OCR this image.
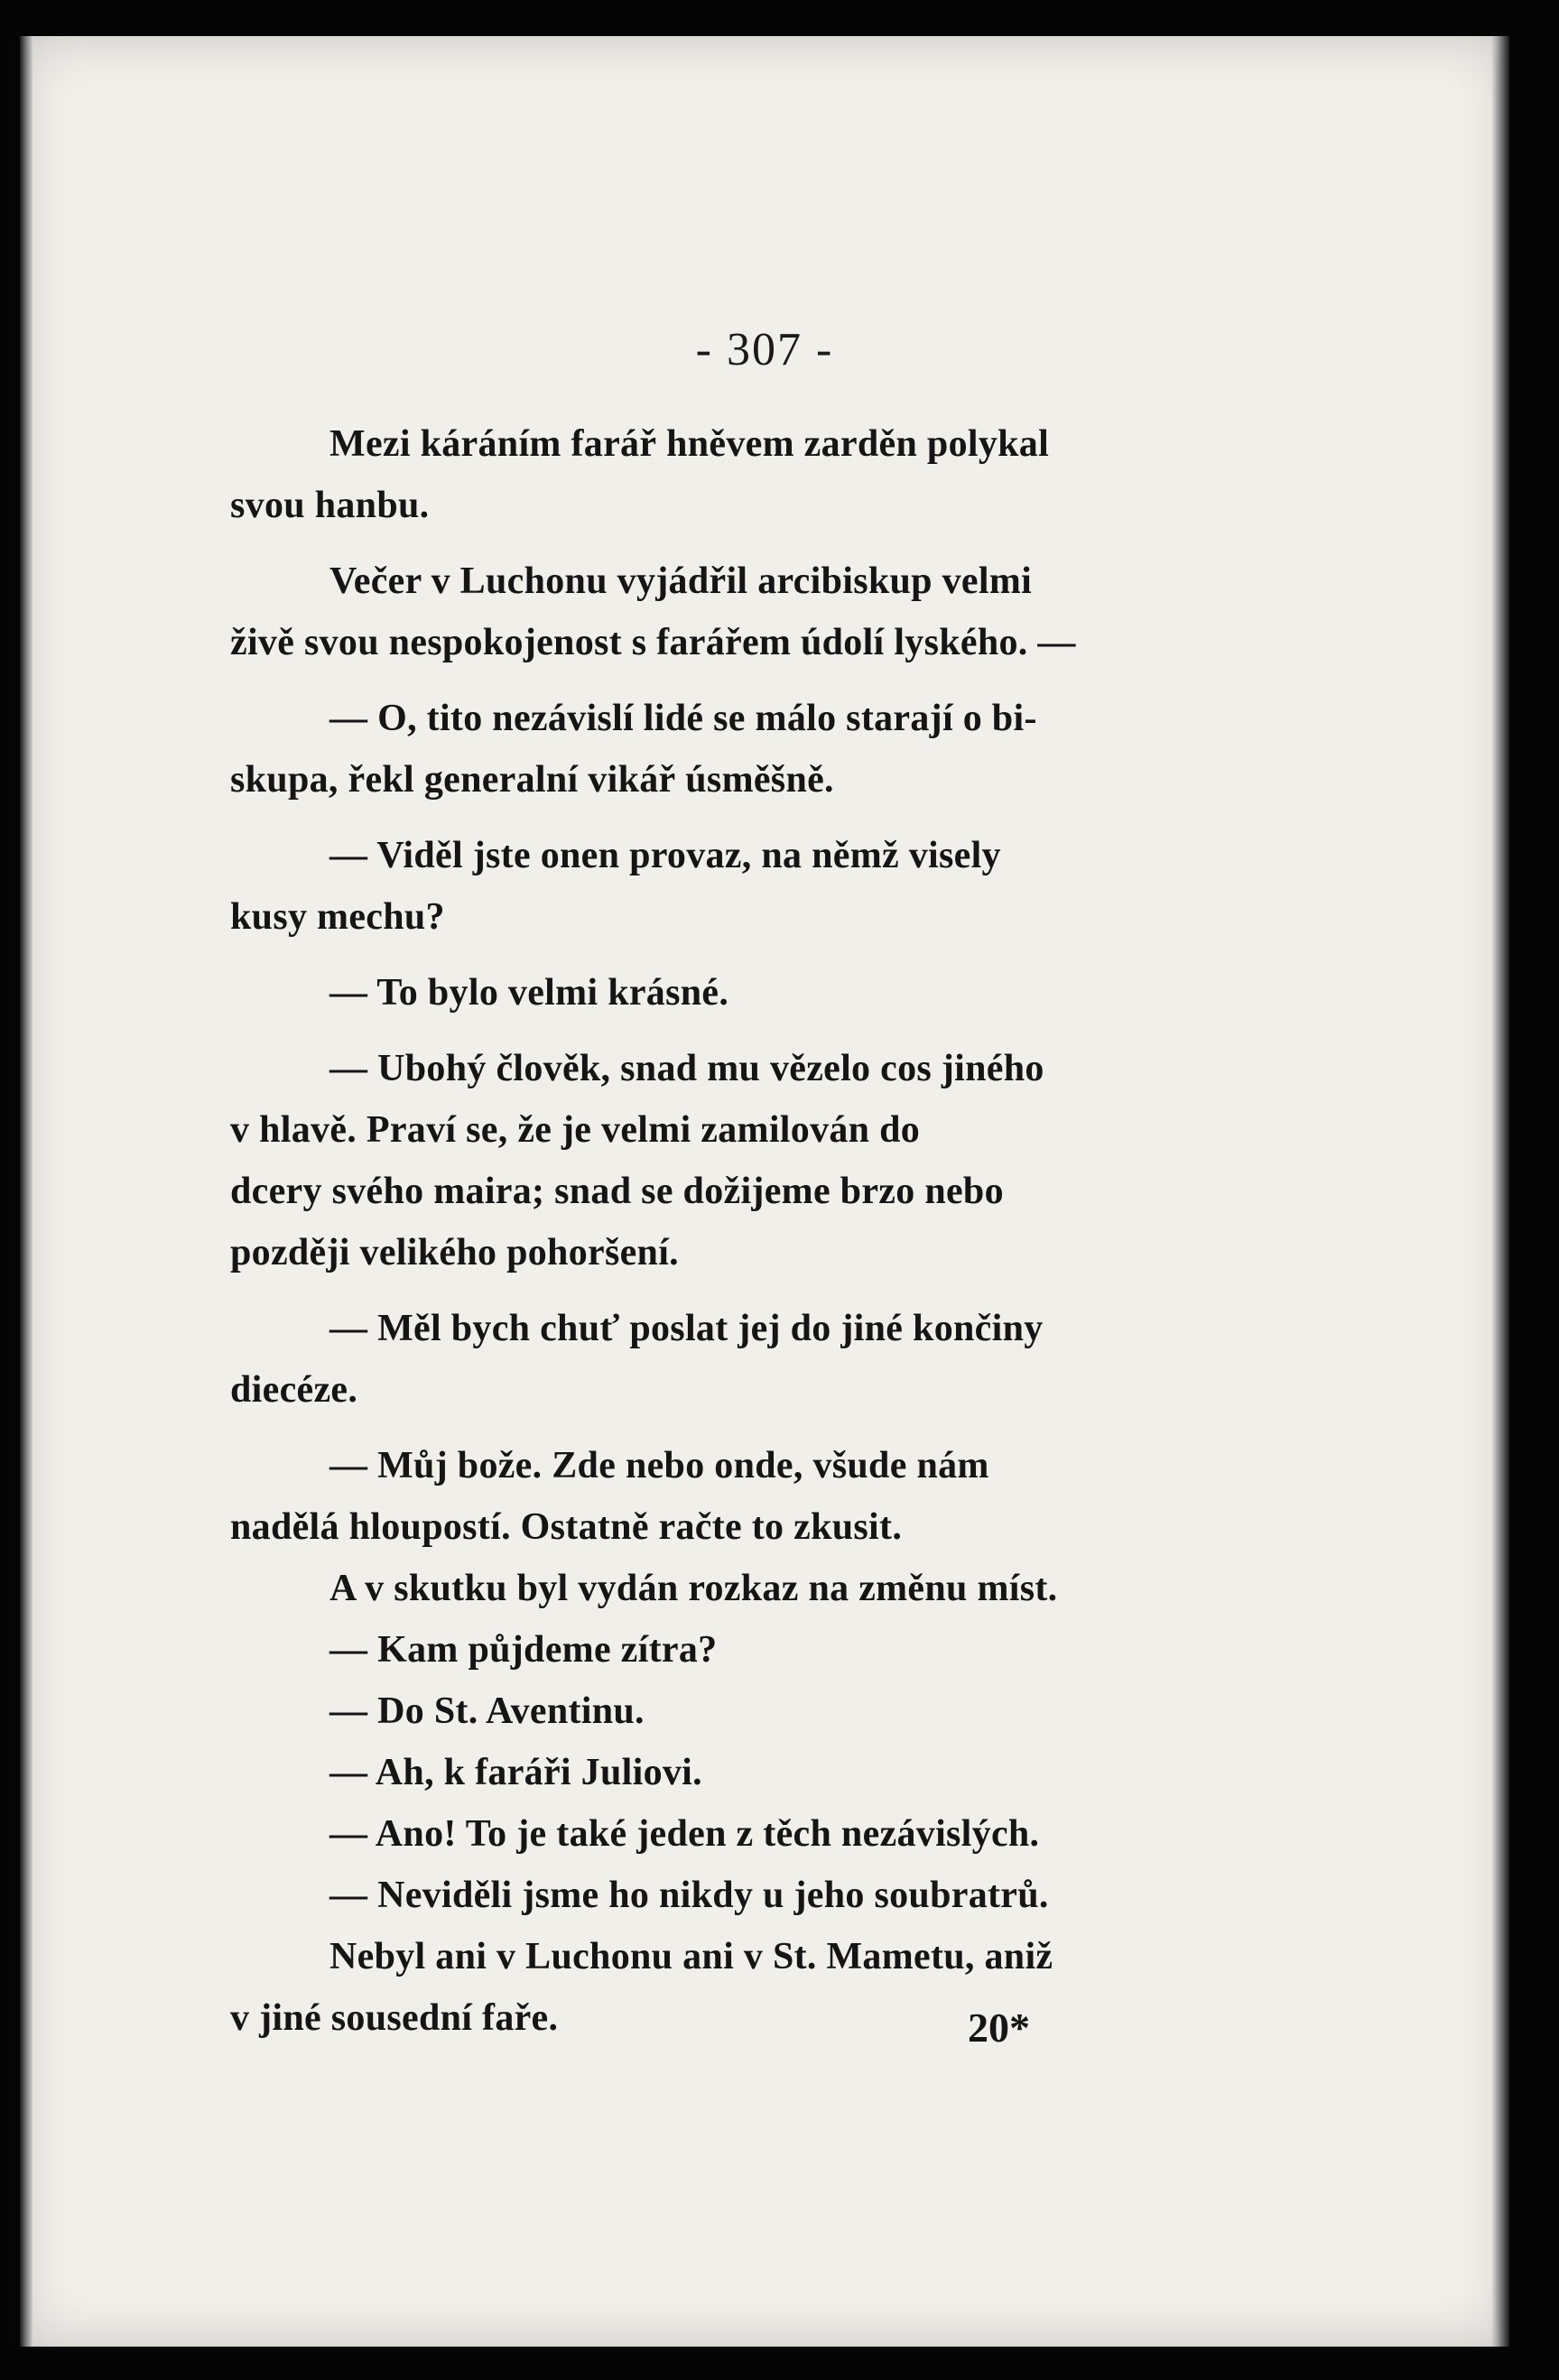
- 307 -
Mezi káráním farář hněvem zarděn polykal
svou hanbu.
Večer v Luchonu vyjádřil arcibiskup velmi
živě svou nespokojenost s farářem údolí lyského. —
— O, tito nezávislí lidé se málo starají o bi-
skupa, řekl generalní vikář úsměšně.
— Viděl jste onen provaz, na němž visely
kusy mechu?
— To bylo velmi krásné.
— Ubohý člověk, snad mu vězelo cos jiného
v hlavě. Praví se, že je velmi zamilován do
dcery svého maira; snad se dožijeme brzo nebo
později velikého pohoršení.
— Měl bych chuť poslat jej do jiné končiny
diecéze.
— Můj bože. Zde nebo onde, všude nám
nadělá hloupostí. Ostatně račte to zkusit.
A v skutku byl vydán rozkaz na změnu míst.
— Kam půjdeme zítra?
— Do St. Aventinu.
— Ah, k faráři Juliovi.
— Ano! To je také jeden z těch nezávislých.
— Neviděli jsme ho nikdy u jeho soubratrů.
Nebyl ani v Luchonu ani v St. Mametu, aniž
v jiné sousední faře.	20*
